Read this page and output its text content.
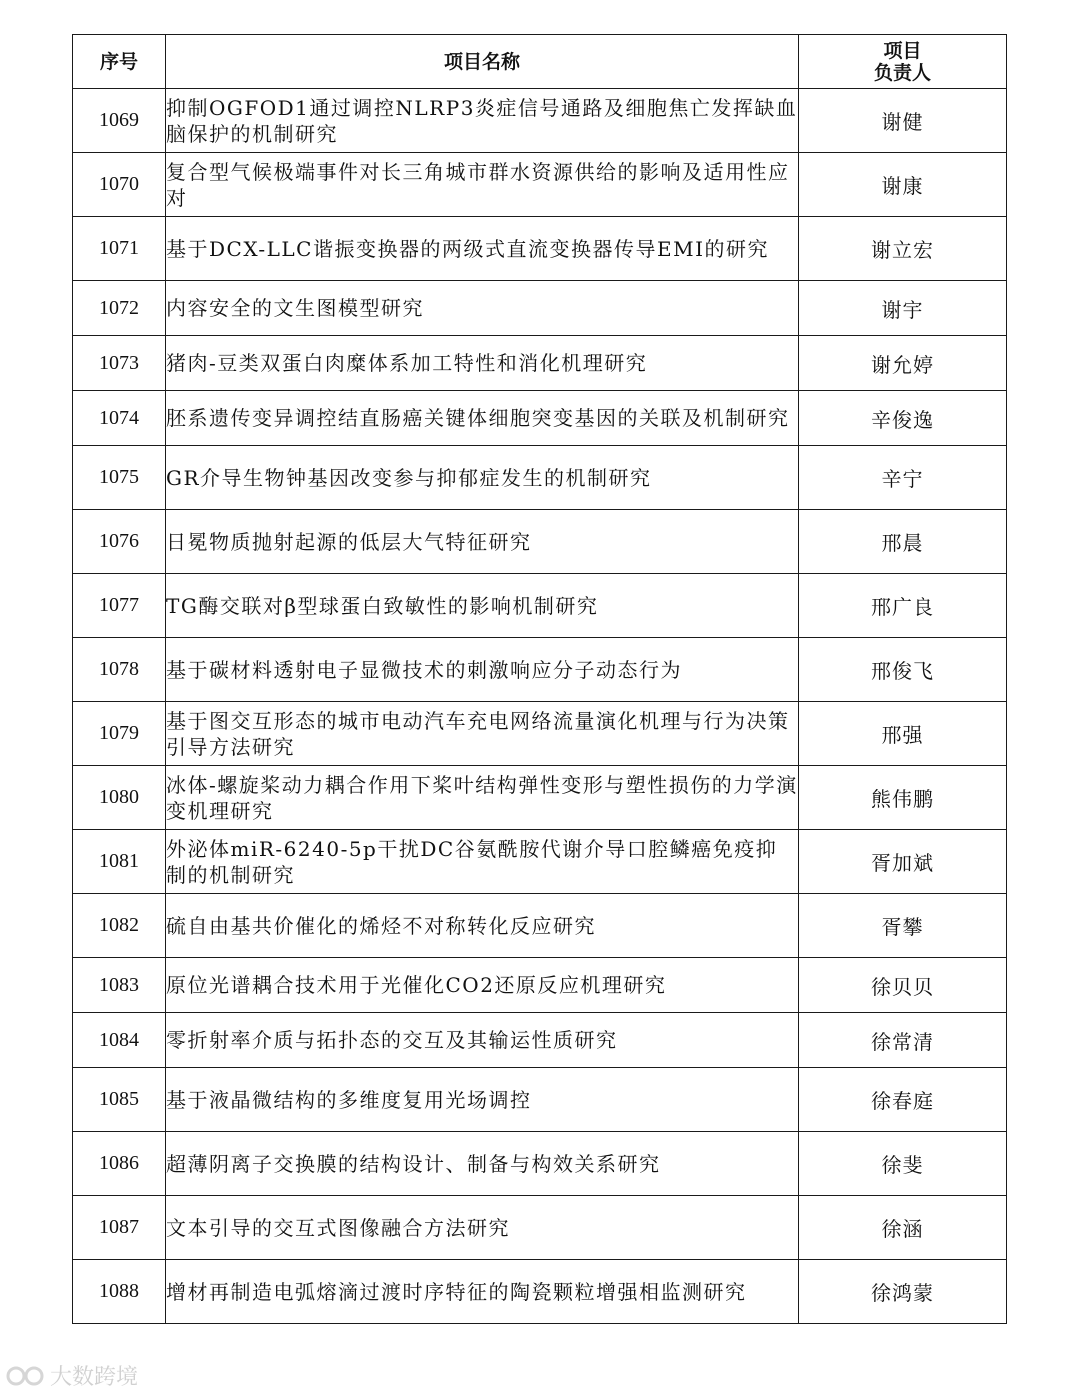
序号	项目名称	项目
负责人

1069	抑制OGFOD1通过调控NLRP3炎症信号通路及细胞焦亡发挥缺血脑保护的机制研究	谢健
1070	复合型气候极端事件对长三角城市群水资源供给的影响及适用性应对	谢康
1071	基于DCX-LLC谐振变换器的两级式直流变换器传导EMI的研究	谢立宏
1072	内容安全的文生图模型研究	谢宇
1073	猪肉-豆类双蛋白肉糜体系加工特性和消化机理研究	谢允婷
1074	胚系遗传变异调控结直肠癌关键体细胞突变基因的关联及机制研究	辛俊逸
1075	GR介导生物钟基因改变参与抑郁症发生的机制研究	辛宁
1076	日冕物质抛射起源的低层大气特征研究	邢晨
1077	TG酶交联对β型球蛋白致敏性的影响机制研究	邢广良
1078	基于碳材料透射电子显微技术的刺激响应分子动态行为	邢俊飞
1079	基于图交互形态的城市电动汽车充电网络流量演化机理与行为决策引导方法研究	邢强
1080	冰体-螺旋桨动力耦合作用下桨叶结构弹性变形与塑性损伤的力学演变机理研究	熊伟鹏
1081	外泌体miR-6240-5p干扰DC谷氨酰胺代谢介导口腔鳞癌免疫抑制的机制研究	胥加斌
1082	硫自由基共价催化的烯烃不对称转化反应研究	胥攀
1083	原位光谱耦合技术用于光催化CO2还原反应机理研究	徐贝贝
1084	零折射率介质与拓扑态的交互及其输运性质研究	徐常清
1085	基于液晶微结构的多维度复用光场调控	徐春庭
1086	超薄阴离子交换膜的结构设计、制备与构效关系研究	徐斐
1087	文本引导的交互式图像融合方法研究	徐涵
1088	增材再制造电弧熔滴过渡时序特征的陶瓷颗粒增强相监测研究	徐鸿蒙
大数跨境
